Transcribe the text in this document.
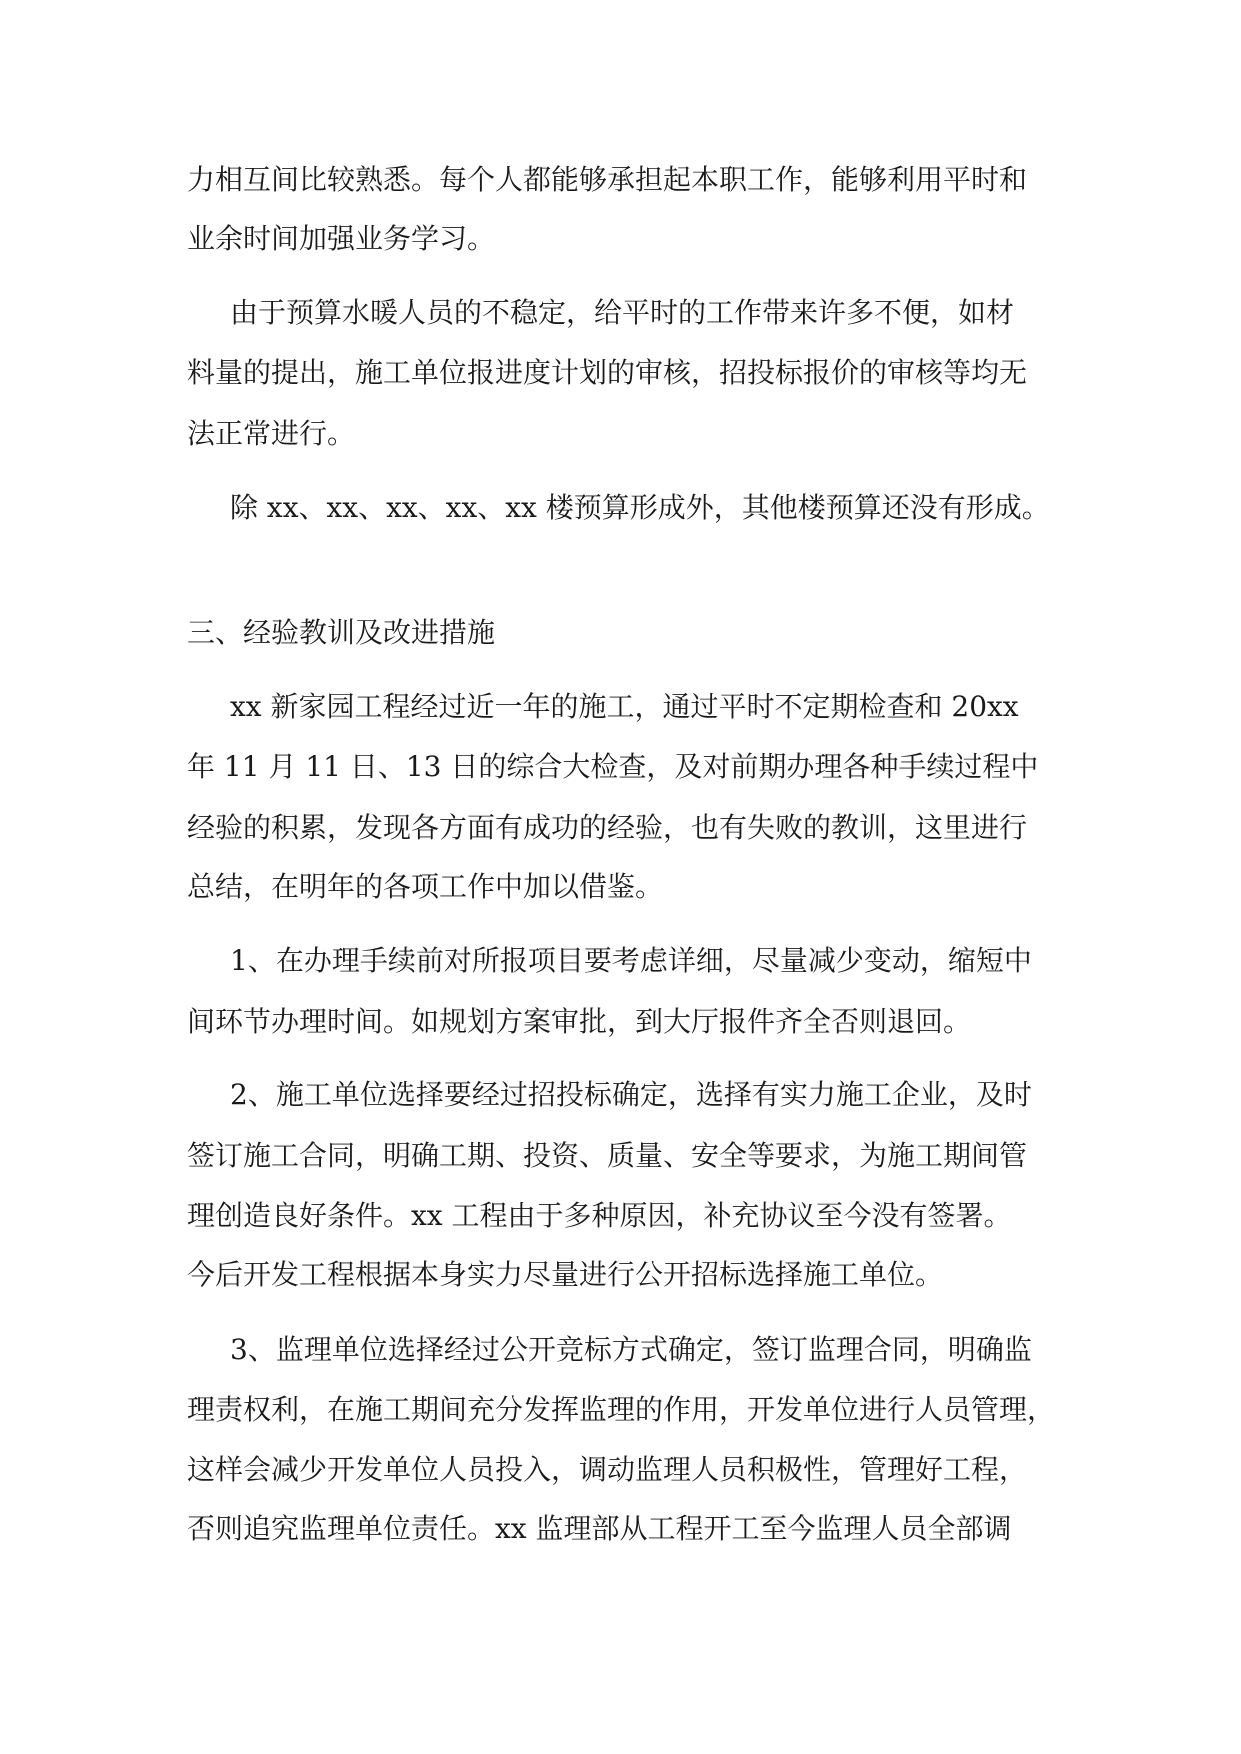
力相互间比较熟悉。每个人都能够承担起本职工作，能够利用平时和
业余时间加强业务学习。
由于预算水暖人员的不稳定，给平时的工作带来许多不便，如材
料量的提出，施工单位报进度计划的审核，招投标报价的审核等均无
法正常进行。
除 xx、xx、xx、xx、xx 楼预算形成外，其他楼预算还没有形成。
三、经验教训及改进措施
xx 新家园工程经过近一年的施工，通过平时不定期检查和 20xx
年 11 月 11 日、13 日的综合大检查，及对前期办理各种手续过程中
经验的积累，发现各方面有成功的经验，也有失败的教训，这里进行
总结，在明年的各项工作中加以借鉴。
1、在办理手续前对所报项目要考虑详细，尽量减少变动，缩短中
间环节办理时间。如规划方案审批，到大厅报件齐全否则退回。
2、施工单位选择要经过招投标确定，选择有实力施工企业，及时
签订施工合同，明确工期、投资、质量、安全等要求，为施工期间管
理创造良好条件。xx 工程由于多种原因，补充协议至今没有签署。
今后开发工程根据本身实力尽量进行公开招标选择施工单位。
3、监理单位选择经过公开竞标方式确定，签订监理合同，明确监
理责权利，在施工期间充分发挥监理的作用，开发单位进行人员管理，
这样会减少开发单位人员投入，调动监理人员积极性，管理好工程，
否则追究监理单位责任。xx 监理部从工程开工至今监理人员全部调
